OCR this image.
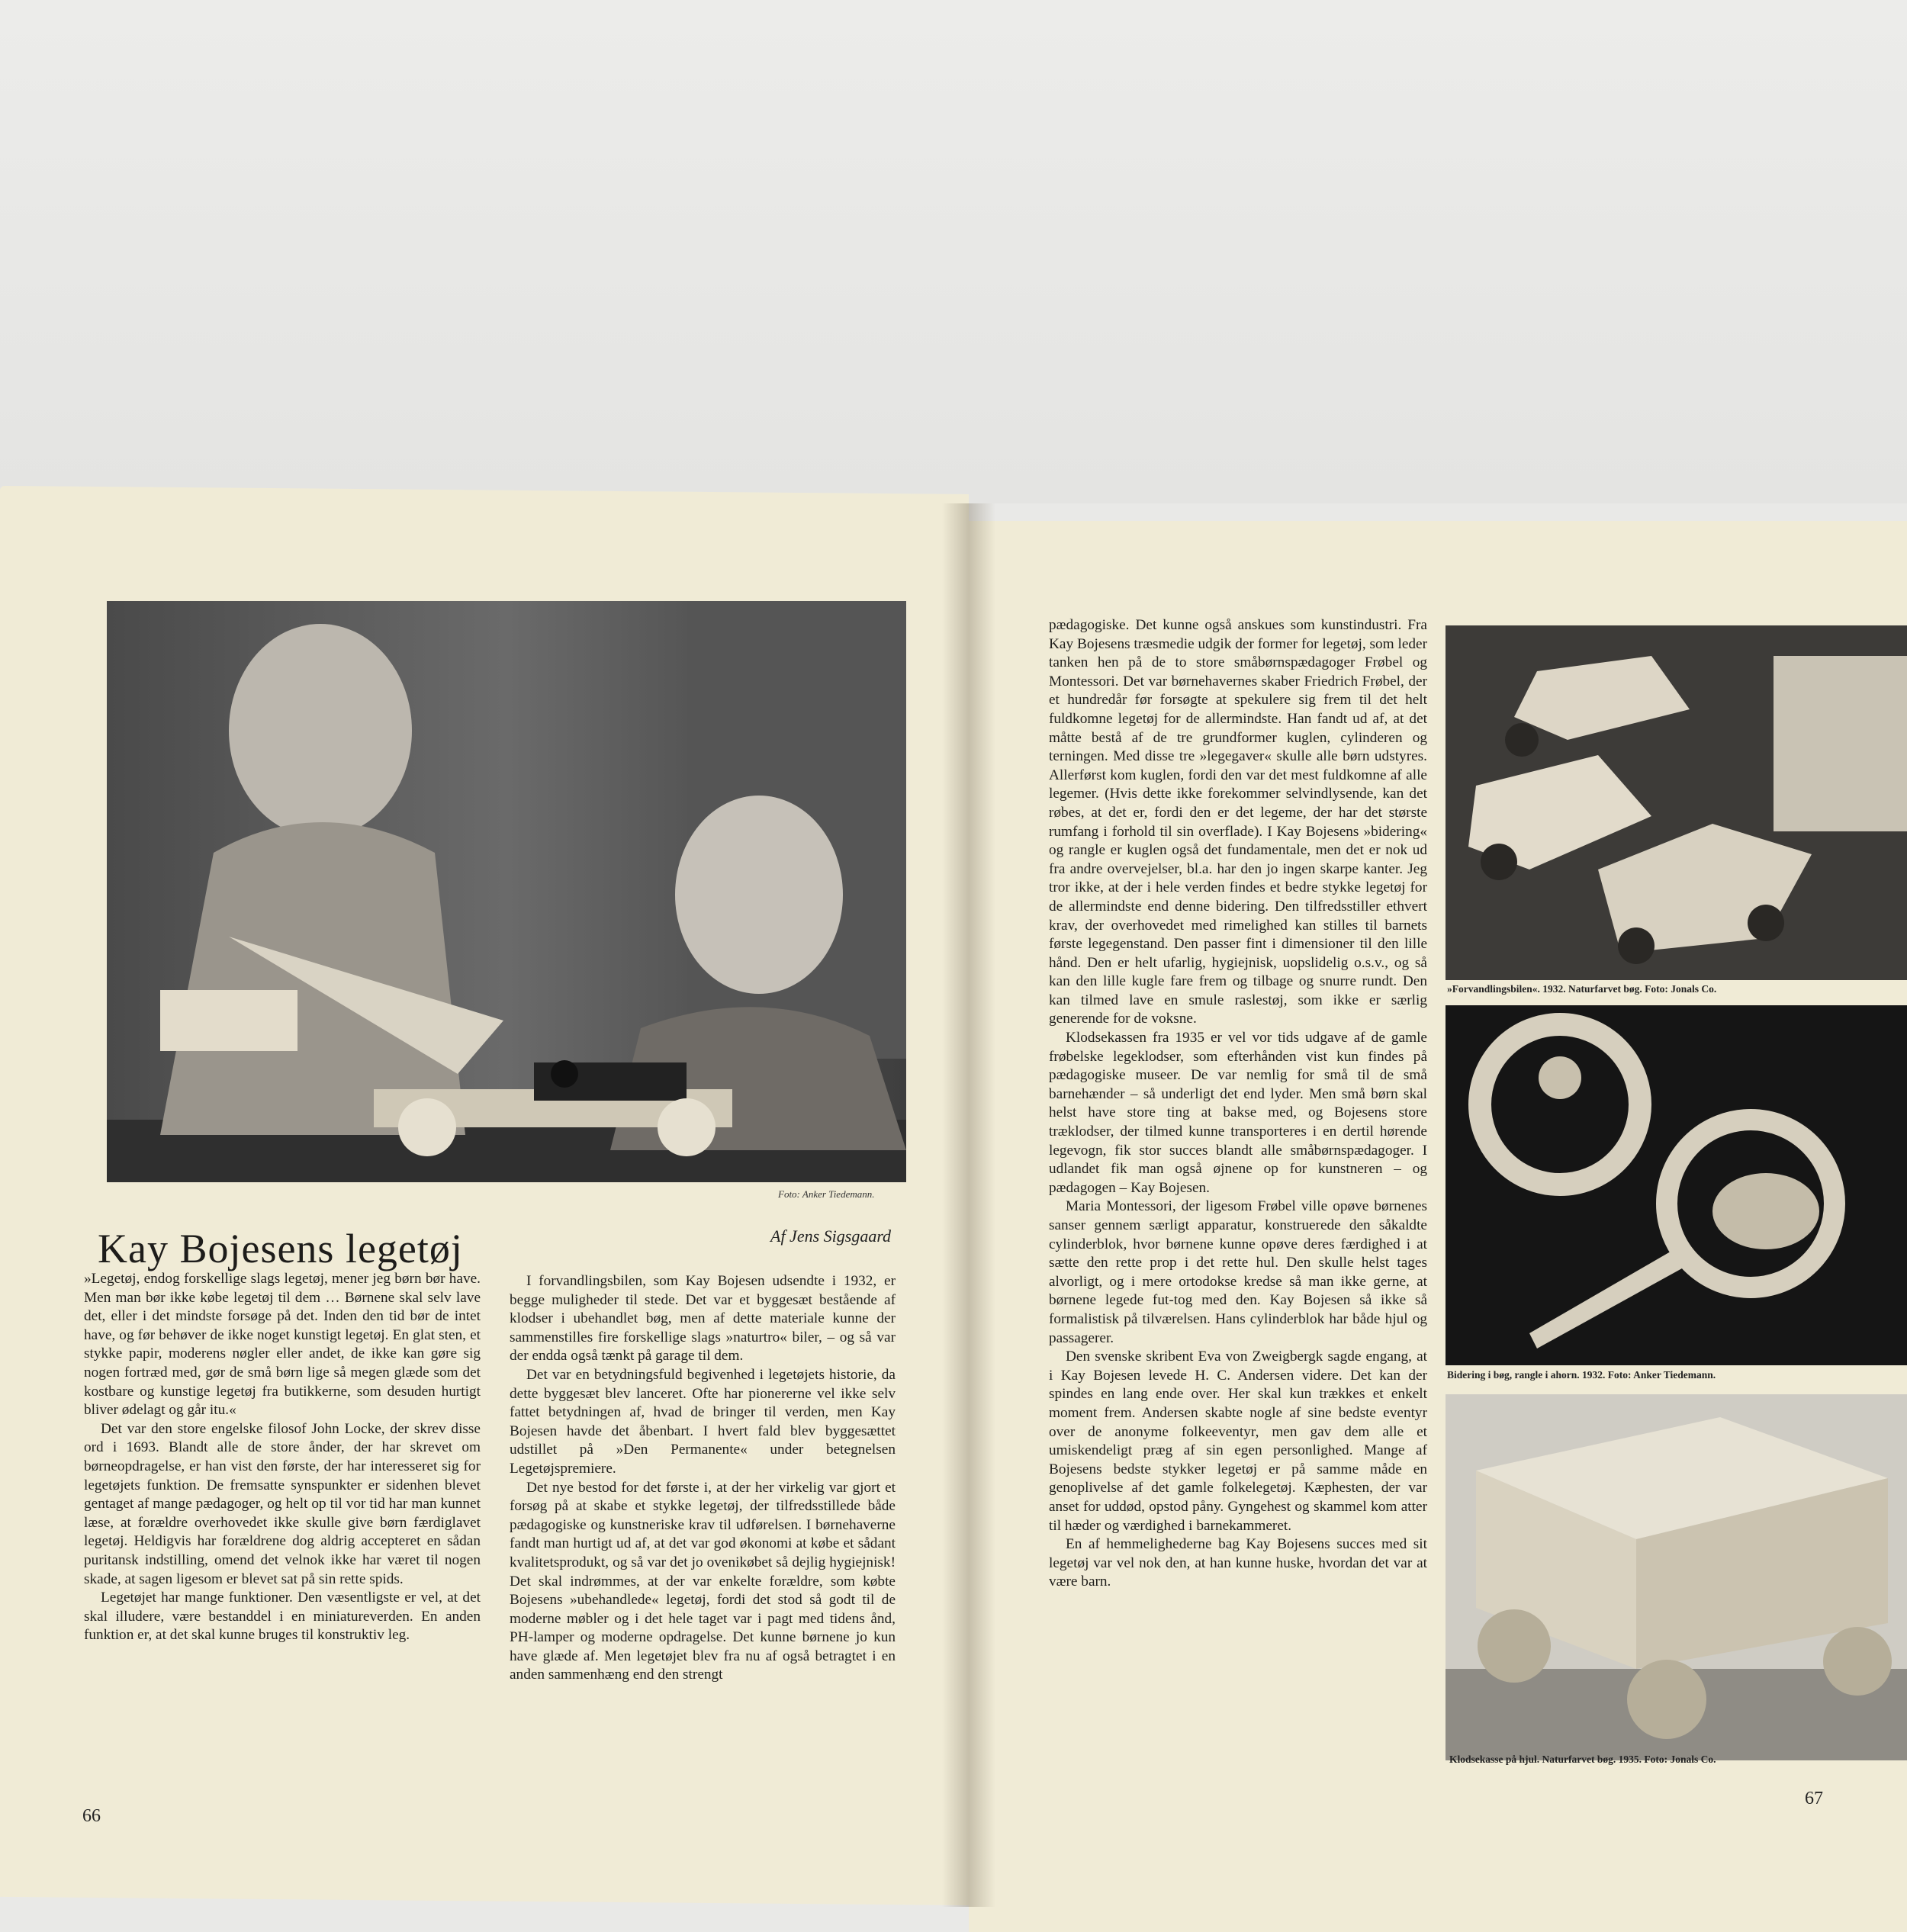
Foto: Anker Tiedemann.
Kay Bojesens legetøj	Af Jens Sigsgaard

»Legetøj, endog forskellige slags legetøj, mener jeg børn bør have. Men man bør ikke købe legetøj til dem … Børnene skal selv lave det, eller i det mindste forsøge på det. Inden den tid bør de intet have, og før behøver de ikke noget kunstigt legetøj. En glat sten, et stykke papir, moderens nøgler eller andet, de ikke kan gøre sig nogen fortræd med, gør de små børn lige så megen glæde som det kostbare og kunstige legetøj fra butikkerne, som desuden hurtigt bliver ødelagt og går itu.«

Det var den store engelske filosof John Locke, der skrev disse ord i 1693. Blandt alle de store ånder, der har skrevet om børneopdragelse, er han vist den første, der har interesseret sig for legetøjets funktion. De fremsatte synspunkter er sidenhen blevet gentaget af mange pædagoger, og helt op til vor tid har man kunnet læse, at forældre overhovedet ikke skulle give børn færdiglavet legetøj. Heldigvis har forældrene dog aldrig accepteret en sådan puritansk indstilling, omend det velnok ikke har været til nogen skade, at sagen ligesom er blevet sat på sin rette spids.

Legetøjet har mange funktioner. Den væsentligste er vel, at det skal illudere, være bestanddel i en miniatureverden. En anden funktion er, at det skal kunne bruges til konstruktiv leg.

I forvandlingsbilen, som Kay Bojesen udsendte i 1932, er begge muligheder til stede. Det var et byggesæt bestående af klodser i ubehandlet bøg, men af dette materiale kunne der sammenstilles fire forskellige slags »naturtro« biler, – og så var der endda også tænkt på garage til dem.

Det var en betydningsfuld begivenhed i legetøjets historie, da dette byggesæt blev lanceret. Ofte har pionererne vel ikke selv fattet betydningen af, hvad de bringer til verden, men Kay Bojesen havde det åbenbart. I hvert fald blev byggesættet udstillet på »Den Permanente« under betegnelsen Legetøjspremiere.

Det nye bestod for det første i, at der her virkelig var gjort et forsøg på at skabe et stykke legetøj, der tilfredsstillede både pædagogiske og kunstneriske krav til udførelsen. I børnehaverne fandt man hurtigt ud af, at det var god økonomi at købe et sådant kvalitetsprodukt, og så var det jo ovenikøbet så dejlig hygiejnisk! Det skal indrømmes, at der var enkelte forældre, som købte Bojesens »ubehandlede« legetøj, fordi det stod så godt til de moderne møbler og i det hele taget var i pagt med tidens ånd, PH-lamper og moderne opdragelse. Det kunne børnene jo kun have glæde af. Men legetøjet blev fra nu af også betragtet i en anden sammenhæng end den strengt

66

pædagogiske. Det kunne også anskues som kunstindustri. Fra Kay Bojesens træsmedie udgik der former for legetøj, som leder tanken hen på de to store småbørnspædagoger Frøbel og Montessori. Det var børnehavernes skaber Friedrich Frøbel, der et hundredår før forsøgte at spekulere sig frem til det helt fuldkomne legetøj for de allermindste. Han fandt ud af, at det måtte bestå af de tre grundformer kuglen, cylinderen og terningen. Med disse tre »legegaver« skulle alle børn udstyres. Allerførst kom kuglen, fordi den var det mest fuldkomne af alle legemer. (Hvis dette ikke forekommer selvindlysende, kan det røbes, at det er, fordi den er det legeme, der har det største rumfang i forhold til sin overflade). I Kay Bojesens »bidering« og rangle er kuglen også det fundamentale, men det er nok ud fra andre overvejelser, bl.a. har den jo ingen skarpe kanter. Jeg tror ikke, at der i hele verden findes et bedre stykke legetøj for de allermindste end denne bidering. Den tilfredsstiller ethvert krav, der overhovedet med rimelighed kan stilles til barnets første legegenstand. Den passer fint i dimensioner til den lille hånd. Den er helt ufarlig, hygiejnisk, uopslidelig o.s.v., og så kan den lille kugle fare frem og tilbage og snurre rundt. Den kan tilmed lave en smule raslestøj, som ikke er særlig generende for de voksne.

Klodsekassen fra 1935 er vel vor tids udgave af de gamle frøbelske legeklodser, som efterhånden vist kun findes på pædagogiske museer. De var nemlig for små til de små barnehænder – så underligt det end lyder. Men små børn skal helst have store ting at bakse med, og Bojesens store træklodser, der tilmed kunne transporteres i en dertil hørende legevogn, fik stor succes blandt alle småbørnspædagoger. I udlandet fik man også øjnene op for kunstneren – og pædagogen – Kay Bojesen.

Maria Montessori, der ligesom Frøbel ville opøve børnenes sanser gennem særligt apparatur, konstruerede den såkaldte cylinderblok, hvor børnene kunne opøve deres færdighed i at sætte den rette prop i det rette hul. Den skulle helst tages alvorligt, og i mere ortodokse kredse så man ikke gerne, at børnene legede fut-tog med den. Kay Bojesen så ikke så formalistisk på tilværelsen. Hans cylinderblok har både hjul og passagerer.

Den svenske skribent Eva von Zweigbergk sagde engang, at i Kay Bojesen levede H. C. Andersen videre. Det kan der spindes en lang ende over. Her skal kun trækkes et enkelt moment frem. Andersen skabte nogle af sine bedste eventyr over de anonyme folkeeventyr, men gav dem alle et umiskendeligt præg af sin egen personlighed. Mange af Bojesens bedste stykker legetøj er på samme måde en genoplivelse af det gamle folkelegetøj. Kæphesten, der var anset for uddød, opstod påny. Gyngehest og skammel kom atter til hæder og værdighed i barnekammeret.

En af hemmelighederne bag Kay Bojesens succes med sit legetøj var vel nok den, at han kunne huske, hvordan det var at være barn.

»Forvandlingsbilen«. 1932. Naturfarvet bøg. Foto: Jonals Co.
Bidering i bøg, rangle i ahorn. 1932. Foto: Anker Tiedemann.
Klodsekasse på hjul. Naturfarvet bøg. 1935. Foto: Jonals Co.
67
